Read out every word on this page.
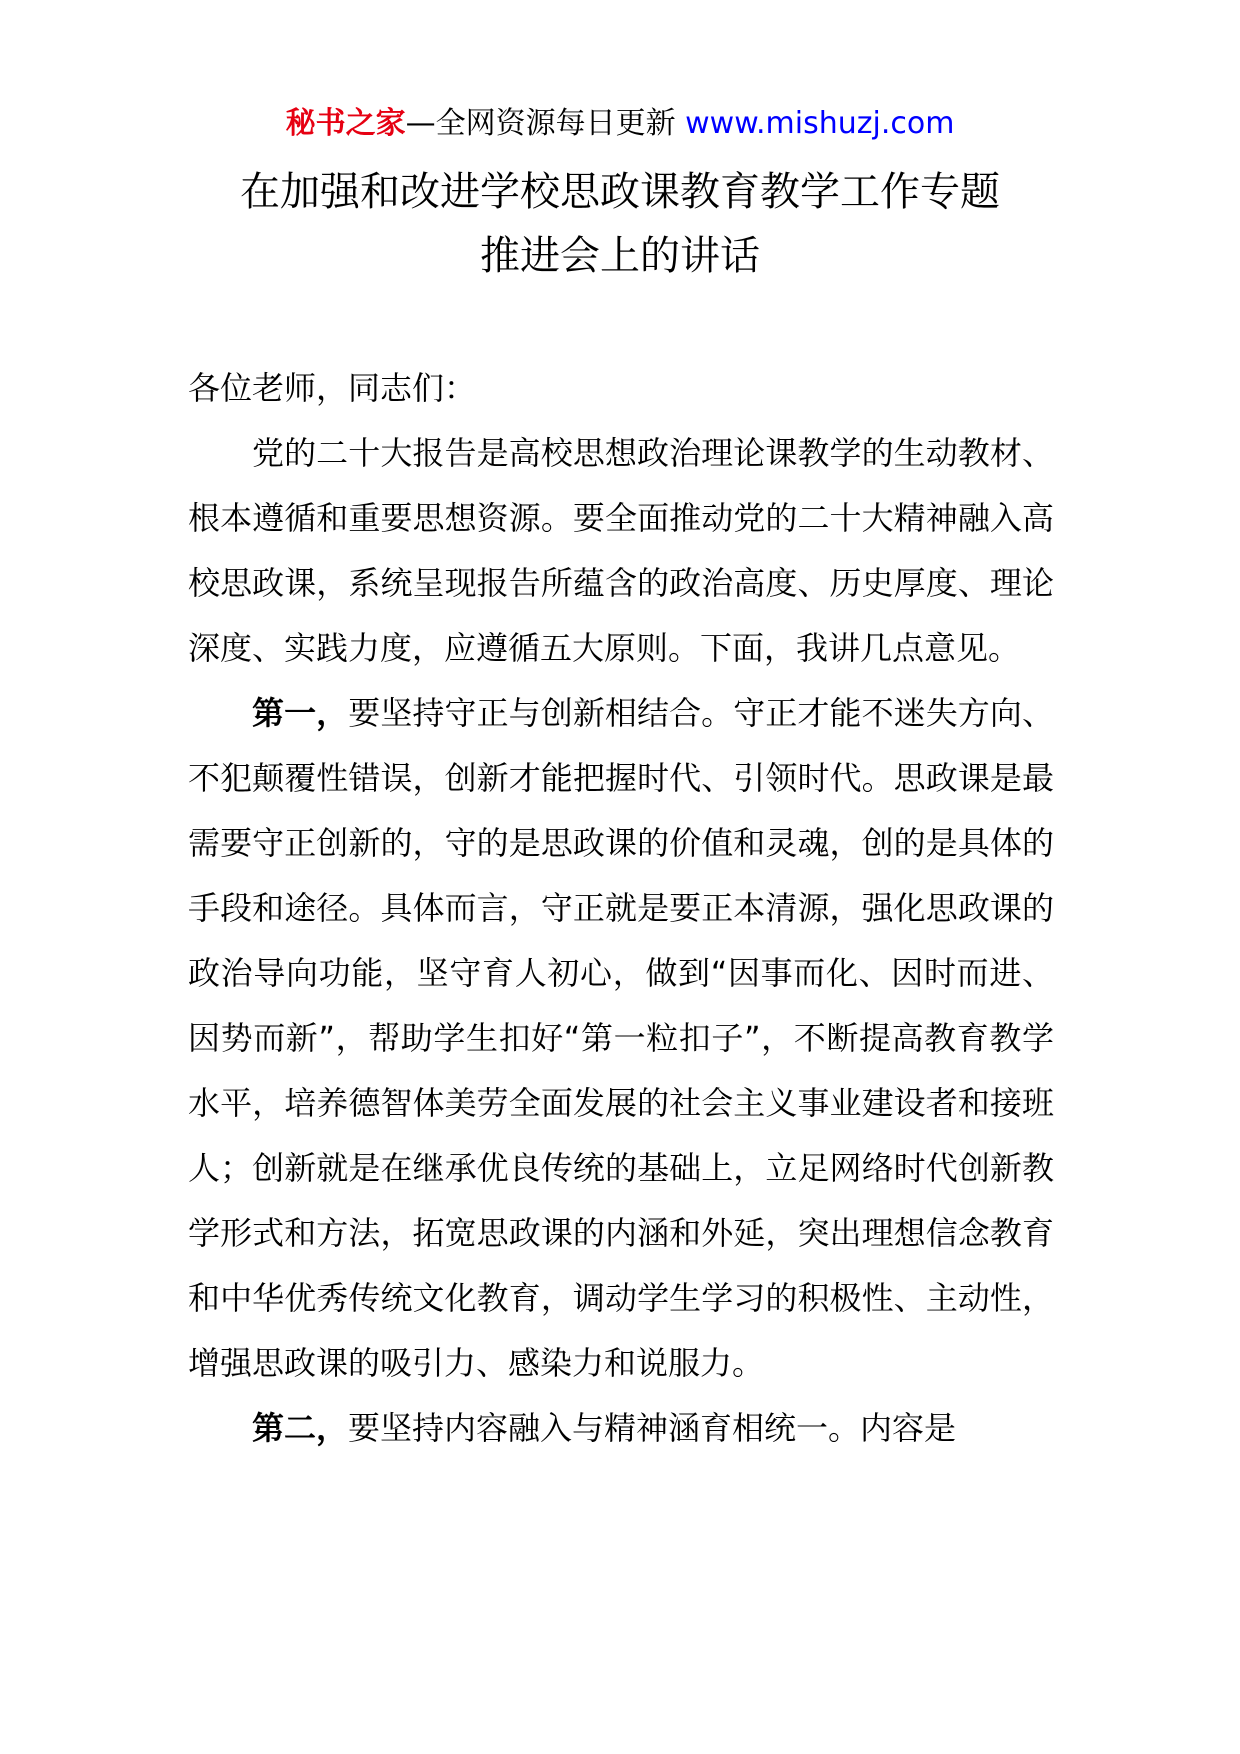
秘书之家—全网资源每日更新 www.mishuzj.com
在加强和改进学校思政课教育教学工作专题
推进会上的讲话

各位老师，同志们：

党的二十大报告是高校思想政治理论课教学的生动教材、根本遵循和重要思想资源。要全面推动党的二十大精神融入高校思政课，系统呈现报告所蕴含的政治高度、历史厚度、理论深度、实践力度，应遵循五大原则。下面，我讲几点意见。

第一，要坚持守正与创新相结合。守正才能不迷失方向、不犯颠覆性错误，创新才能把握时代、引领时代。思政课是最需要守正创新的，守的是思政课的价值和灵魂，创的是具体的手段和途径。具体而言，守正就是要正本清源，强化思政课的政治导向功能，坚守育人初心，做到“因事而化、因时而进、因势而新”，帮助学生扣好“第一粒扣子”，不断提高教育教学水平，培养德智体美劳全面发展的社会主义事业建设者和接班人；创新就是在继承优良传统的基础上，立足网络时代创新教学形式和方法，拓宽思政课的内涵和外延，突出理想信念教育和中华优秀传统文化教育，调动学生学习的积极性、主动性，增强思政课的吸引力、感染力和说服力。

第二，要坚持内容融入与精神涵育相统一。内容是
